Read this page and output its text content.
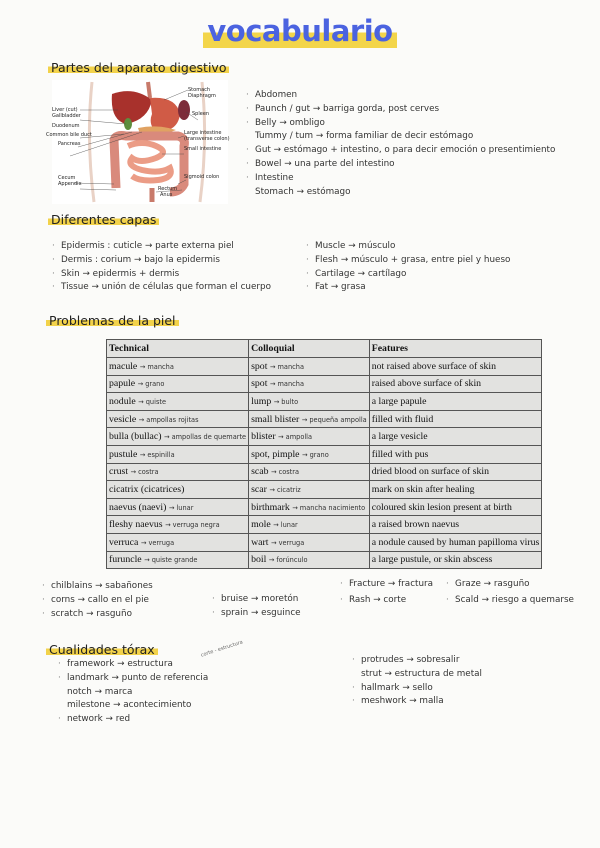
vocabulario
Partes del aparato digestivo
Liver (cut)
Gallbladder
Duodenum
Common bile duct
Pancreas
Cecum
Appendix
Stomach
Diaphragm
Spleen
Large intestine
(transverse colon)
Small intestine
Sigmoid colon
Rectum
Anus
· Abdomen
· Paunch / gut → barriga gorda, post cerves
· Belly → ombligo
Tummy / tum → forma familiar de decir estómago
· Gut → estómago + intestino, o para decir emoción o presentimiento
· Bowel → una parte del intestino
· Intestine
Stomach → estómago
Diferentes capas
· Epidermis : cuticle → parte externa piel
· Dermis : corium → bajo la epidermis
· Skin → epidermis + dermis
· Tissue → unión de células que forman el cuerpo
· Muscle → músculo
· Flesh → músculo + grasa, entre piel y hueso
· Cartilage → cartílago
· Fat → grasa
Problemas de la piel
Technical	Colloquial	Features
macule → mancha	spot → mancha	not raised above surface of skin
papule → grano	spot → mancha	raised above surface of skin
nodule → quiste	lump → bulto	a large papule
vesicle → ampollas rojitas	small blister → pequeña ampolla	filled with fluid
bulla (bullac) → ampollas de quemarte	blister → ampolla	a large vesicle
pustule → espinilla	spot, pimple → grano	filled with pus
crust → costra	scab → costra	dried blood on surface of skin
cicatrix (cicatrices)	scar → cicatriz	mark on skin after healing
naevus (naevi) → lunar	birthmark → mancha nacimiento	coloured skin lesion present at birth
fleshy naevus → verruga negra	mole → lunar	a raised brown naevus
verruca → verruga	wart → verruga	a nodule caused by human papilloma virus
furuncle → quiste grande	boil → forúnculo	a large pustule, or skin abscess
· chilblains → sabañones
· corns → callo en el pie
· scratch → rasguño
· bruise → moretón
· sprain → esguince
· Fracture → fractura
· Rash → corte
· Graze → rasguño
· Scald → riesgo a quemarse
Cualidades tórax	corte - estructura
· framework → estructura
· landmark → punto de referencia
notch → marca
milestone → acontecimiento
· network → red
· protrudes → sobresalir
strut → estructura de metal
· hallmark → sello
· meshwork → malla
